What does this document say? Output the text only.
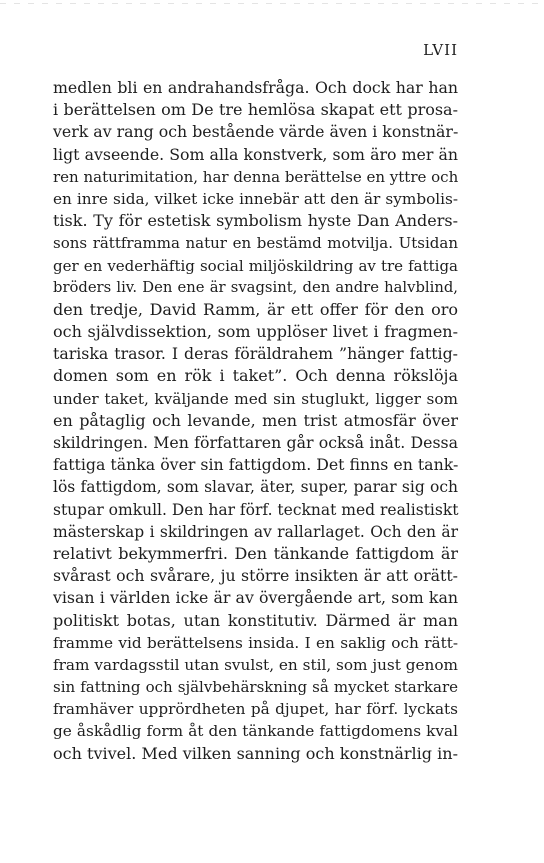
LVII
medlen bli en andrahandsfråga. Och dock har han
i berättelsen om De tre hemlösa skapat ett prosa-
verk av rang och bestående värde även i konstnär-
ligt avseende. Som alla konstverk, som äro mer än
ren naturimitation, har denna berättelse en yttre och
en inre sida, vilket icke innebär att den är symbolis-
tisk. Ty för estetisk symbolism hyste Dan Anders-
sons rättframma natur en bestämd motvilja. Utsidan
ger en vederhäftig social miljöskildring av tre fattiga
bröders liv. Den ene är svagsint, den andre halvblind,
den tredje, David Ramm, är ett offer för den oro
och självdissektion, som upplöser livet i fragmen-
tariska trasor. I deras föräldrahem ”hänger fattig-
domen som en rök i taket”. Och denna rökslöja
under taket, kväljande med sin stuglukt, ligger som
en påtaglig och levande, men trist atmosfär över
skildringen. Men författaren går också inåt. Dessa
fattiga tänka över sin fattigdom. Det finns en tank-
lös fattigdom, som slavar, äter, super, parar sig och
stupar omkull. Den har förf. tecknat med realistiskt
mästerskap i skildringen av rallarlaget. Och den är
relativt bekymmerfri. Den tänkande fattigdom är
svårast och svårare, ju större insikten är att orätt-
visan i världen icke är av övergående art, som kan
politiskt botas, utan konstitutiv. Därmed är man
framme vid berättelsens insida. I en saklig och rätt-
fram vardagsstil utan svulst, en stil, som just genom
sin fattning och självbehärskning så mycket starkare
framhäver upprördheten på djupet, har förf. lyckats
ge åskådlig form åt den tänkande fattigdomens kval
och tvivel. Med vilken sanning och konstnärlig in-
